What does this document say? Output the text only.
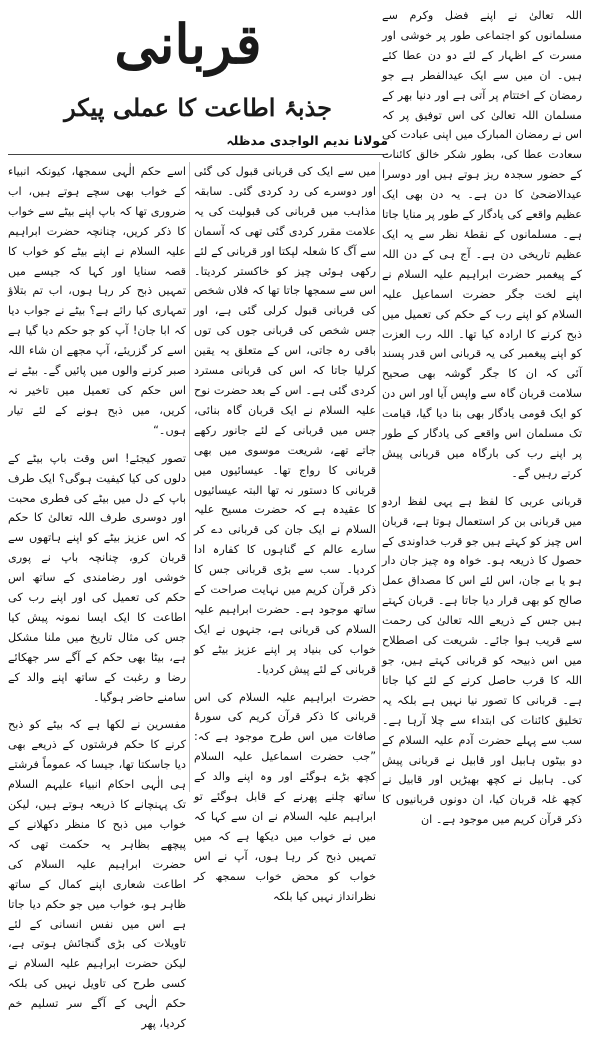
قربانی
جذبۂ اطاعت کا عملی پیکر
مولانا ندیم الواجدی مدظلہ

اللہ تعالیٰ نے اپنے فضل وکرم سے مسلمانوں کو اجتماعی طور پر خوشی اور مسرت کے اظہار کے لئے دو دن عطا کئے ہیں۔ ان میں سے ایک عیدالفطر ہے جو رمضان کے اختتام پر آتی ہے اور دنیا بھر کے مسلمان اللہ تعالیٰ کی اس توفیق پر کہ اس نے رمضان المبارک میں اپنی عبادت کی سعادت عطا کی، بطور شکر خالق کائنات کے حضور سجدہ ریز ہوتے ہیں اور دوسرا عیدالاضحیٰ کا دن ہے۔ یہ دن بھی ایک عظیم واقعے کی یادگار کے طور پر منایا جاتا ہے۔ مسلمانوں کے نقطۂ نظر سے یہ ایک عظیم تاریخی دن ہے۔ آج ہی کے دن اللہ کے پیغمبر حضرت ابراہیم علیہ السلام نے اپنے لخت جگر حضرت اسماعیل علیہ السلام کو اپنے رب کے حکم کی تعمیل میں ذبح کرنے کا ارادہ کیا تھا۔ اللہ رب العزت کو اپنے پیغمبر کی یہ قربانی اس قدر پسند آئی کہ ان کا جگر گوشہ بھی صحیح سلامت قربان گاہ سے واپس آیا اور اس دن کو ایک قومی یادگار بھی بنا دیا گیا، قیامت تک مسلمان اس واقعے کی یادگار کے طور پر اپنے رب کی بارگاہ میں قربانی پیش کرتے رہیں گے۔

قربانی عربی کا لفظ ہے یہی لفظ اردو میں قربانی بن کر استعمال ہوتا ہے، قربان اس چیز کو کہتے ہیں جو قرب خداوندی کے حصول کا ذریعہ ہو۔ خواہ وہ چیز جان دار ہو یا بے جان، اس لئے اس کا مصداق عمل صالح کو بھی قرار دیا جاتا ہے۔ قربان کہتے ہیں جس کے ذریعے اللہ تعالیٰ کی رحمت سے قریب ہوا جائے۔ شریعت کی اصطلاح میں اس ذبیحہ کو قربانی کہتے ہیں، جو اللہ کا قرب حاصل کرنے کے لئے کیا جاتا ہے۔ قربانی کا تصور نیا نہیں ہے بلکہ یہ تخلیق کائنات کی ابتداء سے چلا آرہا ہے۔ سب سے پہلے حضرت آدم علیہ السلام کے دو بیٹوں ہابیل اور قابیل نے قربانی پیش کی۔ ہابیل نے کچھ بھیڑیں اور قابیل نے کچھ غلہ قربان کیا، ان دونوں قربانیوں کا ذکر قرآن کریم میں موجود ہے۔ ان

میں سے ایک کی قربانی قبول کی گئی اور دوسرے کی رد کردی گئی۔ سابقہ مذاہب میں قربانی کی قبولیت کی یہ علامت مقرر کردی گئی تھی کہ آسمان سے آگ کا شعلہ لپکتا اور قربانی کے لئے رکھی ہوئی چیز کو خاکستر کردیتا۔ اس سے سمجھا جاتا تھا کہ فلاں شخص کی قربانی قبول کرلی گئی ہے، اور جس شخص کی قربانی جوں کی توں باقی رہ جاتی، اس کے متعلق یہ یقین کرلیا جاتا کہ اس کی قربانی مسترد کردی گئی ہے۔ اس کے بعد حضرت نوح علیہ السلام نے ایک قربان گاہ بنائی، جس میں قربانی کے لئے جانور رکھے جاتے تھے، شریعت موسوی میں بھی قربانی کا رواج تھا۔ عیسائیوں میں قربانی کا دستور نہ تھا البتہ عیسائیوں کا عقیدہ ہے کہ حضرت مسیح علیہ السلام نے ایک جان کی قربانی دے کر سارے عالم کے گناہوں کا کفارہ ادا کردیا۔ سب سے بڑی قربانی جس کا ذکر قرآن کریم میں نہایت صراحت کے ساتھ موجود ہے۔ حضرت ابراہیم علیہ السلام کی قربانی ہے، جنہوں نے ایک خواب کی بنیاد پر اپنے عزیز بیٹے کو قربانی کے لئے پیش کردیا۔

حضرت ابراہیم علیہ السلام کی اس قربانی کا ذکر قرآن کریم کی سورۂ صافات میں اس طرح موجود ہے کہ: ”جب حضرت اسماعیل علیہ السلام کچھ بڑے ہوگئے اور وہ اپنے والد کے ساتھ چلنے پھرنے کے قابل ہوگئے تو ابراہیم علیہ السلام نے ان سے کہا کہ میں نے خواب میں دیکھا ہے کہ میں تمہیں ذبح کر رہا ہوں، آپ نے اس خواب کو محض خواب سمجھ کر نظرانداز نہیں کیا بلکہ

اسے حکم الٰہی سمجھا، کیونکہ انبیاء کے خواب بھی سچے ہوتے ہیں، اب ضروری تھا کہ باپ اپنے بیٹے سے خواب کا ذکر کریں، چنانچہ حضرت ابراہیم علیہ السلام نے اپنے بیٹے کو خواب کا قصہ سنایا اور کہا کہ جیسے میں تمہیں ذبح کر رہا ہوں، اب تم بتلاؤ تمہاری کیا رائے ہے؟ بیٹے نے جواب دیا کہ ابا جان! آپ کو جو حکم دیا گیا ہے اسے کر گزریئے، آپ مجھے ان شاء اللہ صبر کرنے والوں میں پائیں گے۔ بیٹے نے اس حکم کی تعمیل میں تاخیر نہ کریں، میں ذبح ہونے کے لئے تیار ہوں۔“

تصور کیجئے! اس وقت باپ بیٹے کے دلوں کی کیا کیفیت ہوگی؟ ایک طرف باپ کے دل میں بیٹے کی فطری محبت اور دوسری طرف اللہ تعالیٰ کا حکم کہ اس عزیز بیٹے کو اپنے ہاتھوں سے قربان کرو، چنانچہ باپ نے پوری خوشی اور رضامندی کے ساتھ اس حکم کی تعمیل کی اور اپنے رب کی اطاعت کا ایک ایسا نمونہ پیش کیا جس کی مثال تاریخ میں ملنا مشکل ہے، بیٹا بھی حکم کے آگے سر جھکائے رضا و رغبت کے ساتھ اپنے والد کے سامنے حاضر ہوگیا۔

مفسرین نے لکھا ہے کہ بیٹے کو ذبح کرنے کا حکم فرشتوں کے ذریعے بھی دیا جاسکتا تھا، جیسا کہ عموماً فرشتے ہی الٰہی احکام انبیاء علیہم السلام تک پہنچانے کا ذریعہ ہوتے ہیں، لیکن خواب میں ذبح کا منظر دکھلانے کے پیچھے بظاہر یہ حکمت تھی کہ حضرت ابراہیم علیہ السلام کی اطاعت شعاری اپنے کمال کے ساتھ ظاہر ہو، خواب میں جو حکم دیا جاتا ہے اس میں نفس انسانی کے لئے تاویلات کی بڑی گنجائش ہوتی ہے، لیکن حضرت ابراہیم علیہ السلام نے کسی طرح کی تاویل نہیں کی بلکہ حکم الٰہی کے آگے سر تسلیم خم کردیا، پھر
